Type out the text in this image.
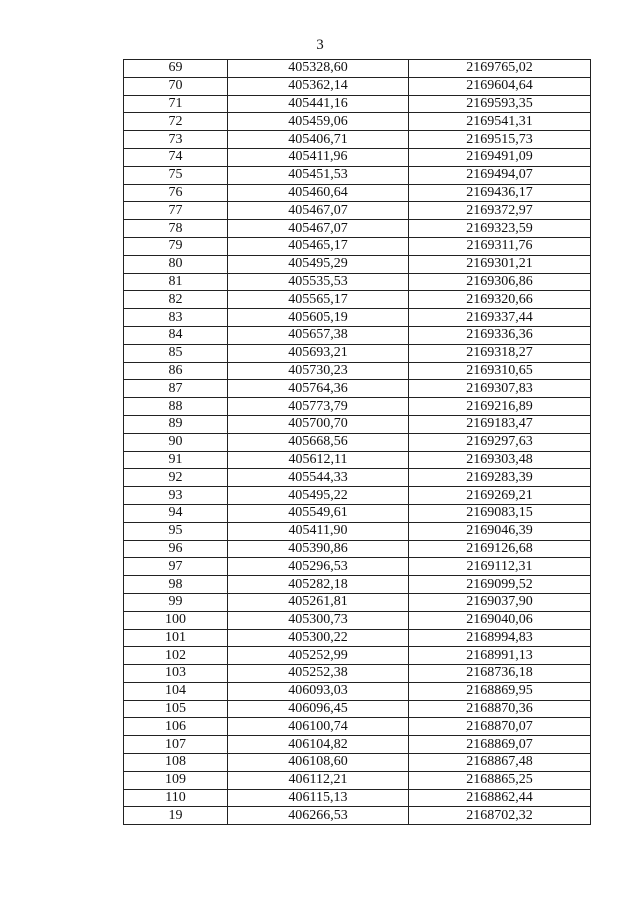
3
69	405328,60	2169765,02
70	405362,14	2169604,64
71	405441,16	2169593,35
72	405459,06	2169541,31
73	405406,71	2169515,73
74	405411,96	2169491,09
75	405451,53	2169494,07
76	405460,64	2169436,17
77	405467,07	2169372,97
78	405467,07	2169323,59
79	405465,17	2169311,76
80	405495,29	2169301,21
81	405535,53	2169306,86
82	405565,17	2169320,66
83	405605,19	2169337,44
84	405657,38	2169336,36
85	405693,21	2169318,27
86	405730,23	2169310,65
87	405764,36	2169307,83
88	405773,79	2169216,89
89	405700,70	2169183,47
90	405668,56	2169297,63
91	405612,11	2169303,48
92	405544,33	2169283,39
93	405495,22	2169269,21
94	405549,61	2169083,15
95	405411,90	2169046,39
96	405390,86	2169126,68
97	405296,53	2169112,31
98	405282,18	2169099,52
99	405261,81	2169037,90
100	405300,73	2169040,06
101	405300,22	2168994,83
102	405252,99	2168991,13
103	405252,38	2168736,18
104	406093,03	2168869,95
105	406096,45	2168870,36
106	406100,74	2168870,07
107	406104,82	2168869,07
108	406108,60	2168867,48
109	406112,21	2168865,25
110	406115,13	2168862,44
19	406266,53	2168702,32
